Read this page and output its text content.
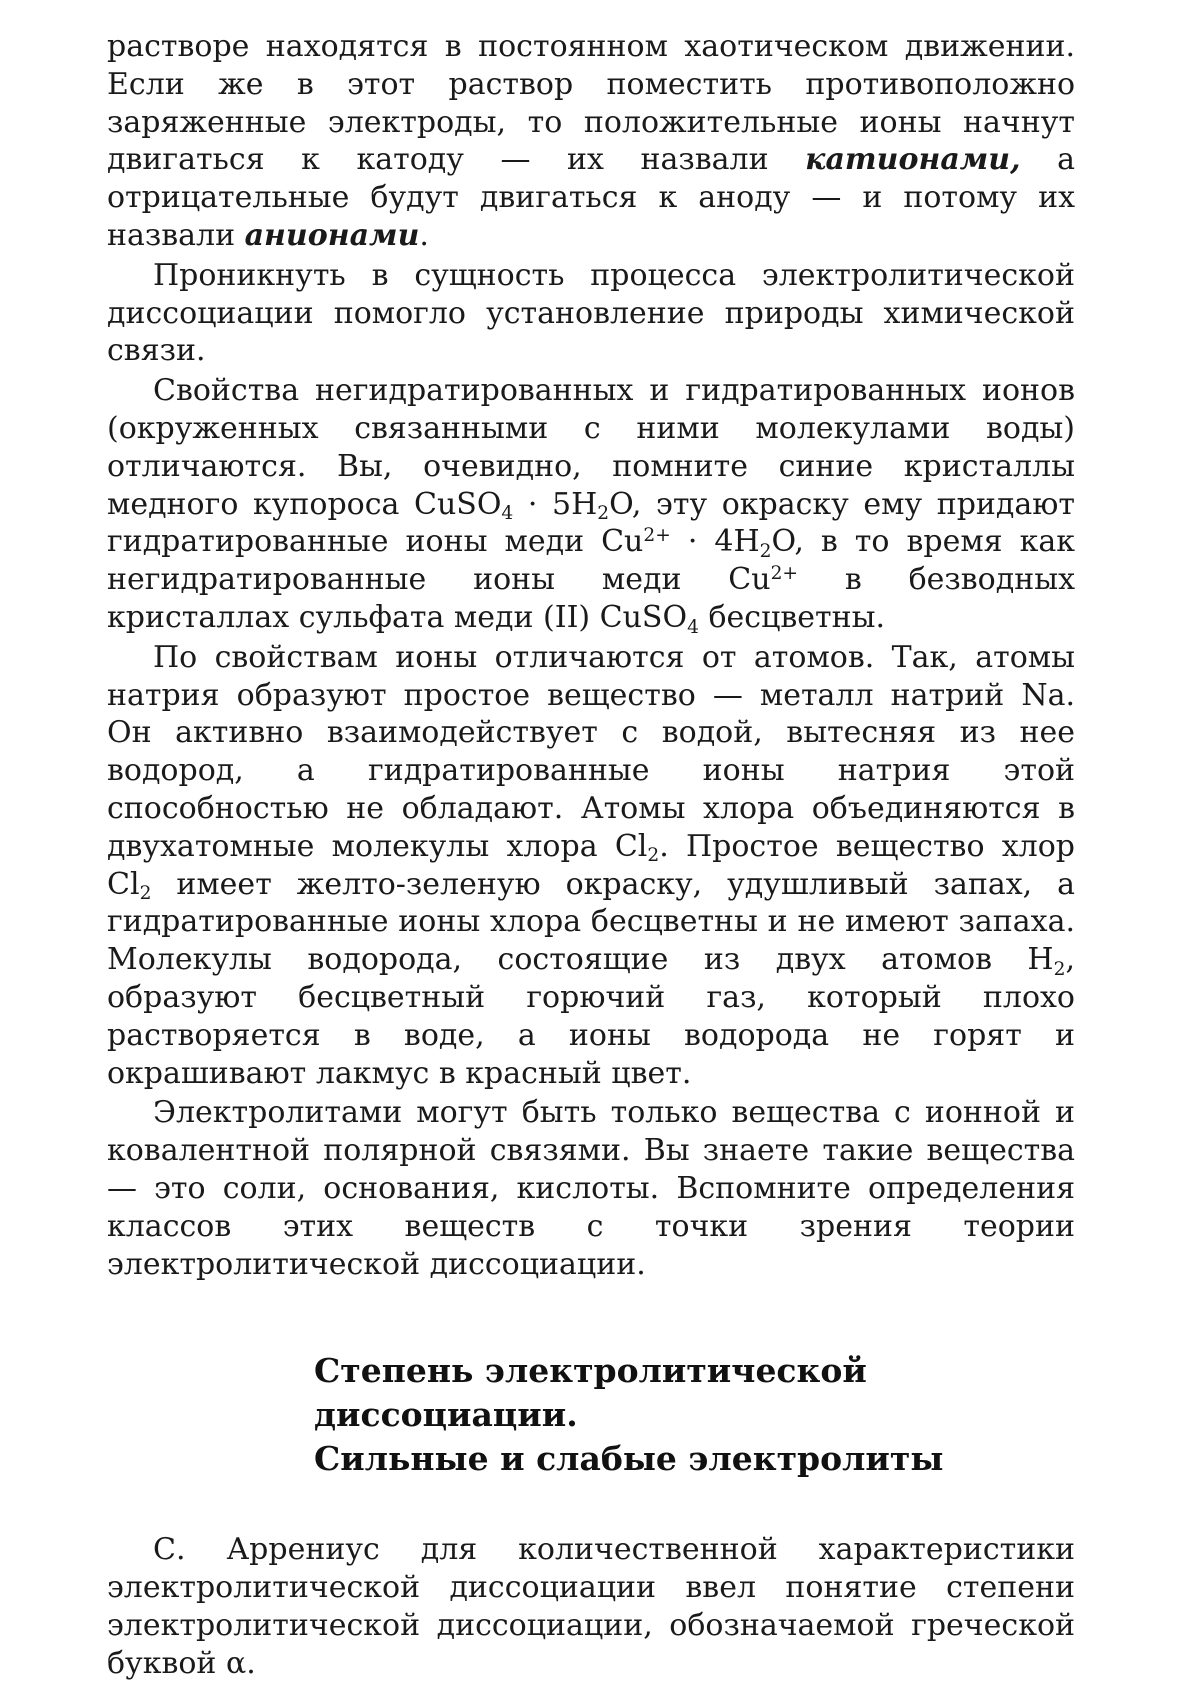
растворе находятся в постоянном хаотическом движении. Если же в этот раствор поместить противоположно заряженные электроды, то положительные ионы начнут двигаться к катоду — их назвали катионами, а отрицательные будут двигаться к аноду — и потому их назвали анионами.

Проникнуть в сущность процесса электролитической диссоциации помогло установление природы химической связи.

Свойства негидратированных и гидратированных ионов (окруженных связанными с ними молекулами воды) отличаются. Вы, очевидно, помните синие кристаллы медного купороса CuSO$_4$ · $5H_2O$, эту окраску ему придают гидратированные ионы меди $Cu^{2+} \cdot 4H_2O$, в то время как негидратированные ионы меди $Cu^{2+}$ в безводных кристаллах сульфата меди (II) CuSO$_4$ бесцветны.

По свойствам ионы отличаются от атомов. Так, атомы натрия образуют простое вещество — металл натрий Na. Он активно взаимодействует с водой, вытесняя из нее водород, а гидратированные ионы натрия этой способностью не обладают. Атомы хлора объединяются в двухатомные молекулы хлора $Cl_2$. Простое вещество хлор $Cl_2$ имеет желто-зеленую окраску, удушливый запах, а гидратированные ионы хлора бесцветны и не имеют запаха. Молекулы водорода, состоящие из двух атомов $H_2$, образуют бесцветный горючий газ, который плохо растворяется в воде, а ионы водорода не горят и окрашивают лакмус в красный цвет.

Электролитами могут быть только вещества с ионной и ковалентной полярной связями. Вы знаете такие вещества — это соли, основания, кислоты. Вспомните определения классов этих веществ с точки зрения теории электролитической диссоциации.

Степень электролитической
диссоциации.
Сильные и слабые электролиты

С. Аррениус для количественной характеристики электролитической диссоциации ввел понятие степени электролитической диссоциации, обозначаемой греческой буквой α.
